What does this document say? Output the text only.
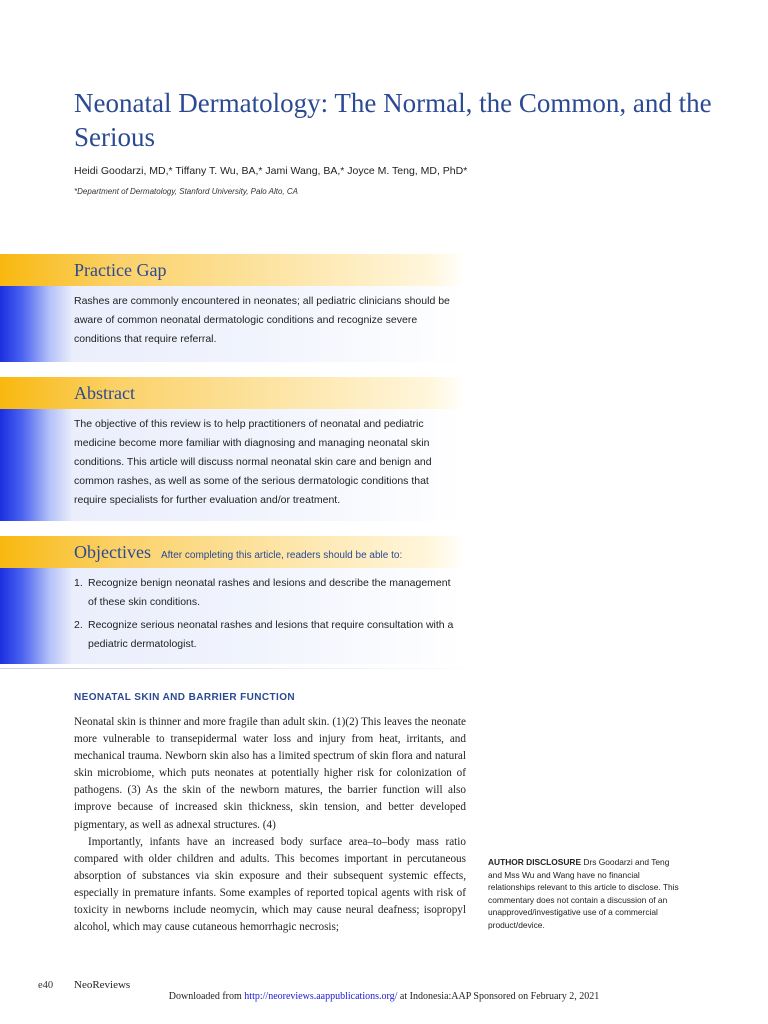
Neonatal Dermatology: The Normal, the Common, and the Serious
Heidi Goodarzi, MD,* Tiffany T. Wu, BA,* Jami Wang, BA,* Joyce M. Teng, MD, PhD*
*Department of Dermatology, Stanford University, Palo Alto, CA
Practice Gap

Rashes are commonly encountered in neonates; all pediatric clinicians should be aware of common neonatal dermatologic conditions and recognize severe conditions that require referral.

Abstract

The objective of this review is to help practitioners of neonatal and pediatric medicine become more familiar with diagnosing and managing neonatal skin conditions. This article will discuss normal neonatal skin care and benign and common rashes, as well as some of the serious dermatologic conditions that require specialists for further evaluation and/or treatment.

Objectives After completing this article, readers should be able to:
1. Recognize benign neonatal rashes and lesions and describe the management of these skin conditions.
2. Recognize serious neonatal rashes and lesions that require consultation with a pediatric dermatologist.
NEONATAL SKIN AND BARRIER FUNCTION

Neonatal skin is thinner and more fragile than adult skin. (1)(2) This leaves the neonate more vulnerable to transepidermal water loss and injury from heat, irritants, and mechanical trauma. Newborn skin also has a limited spectrum of skin flora and natural skin microbiome, which puts neonates at potentially higher risk for colonization of pathogens. (3) As the skin of the newborn matures, the barrier function will also improve because of increased skin thickness, skin tension, and better developed pigmentary, as well as adnexal structures. (4)

Importantly, infants have an increased body surface area–to–body mass ratio compared with older children and adults. This becomes important in percutaneous absorption of substances via skin exposure and their subsequent systemic effects, especially in premature infants. Some examples of reported topical agents with risk of toxicity in newborns include neomycin, which may cause neural deafness; isopropyl alcohol, which may cause cutaneous hemorrhagic necrosis;

AUTHOR DISCLOSURE Drs Goodarzi and Teng and Mss Wu and Wang have no financial relationships relevant to this article to disclose. This commentary does not contain a discussion of an unapproved/investigative use of a commercial product/device.

e40 NeoReviews
Downloaded from http://neoreviews.aappublications.org/ at Indonesia:AAP Sponsored on February 2, 2021
